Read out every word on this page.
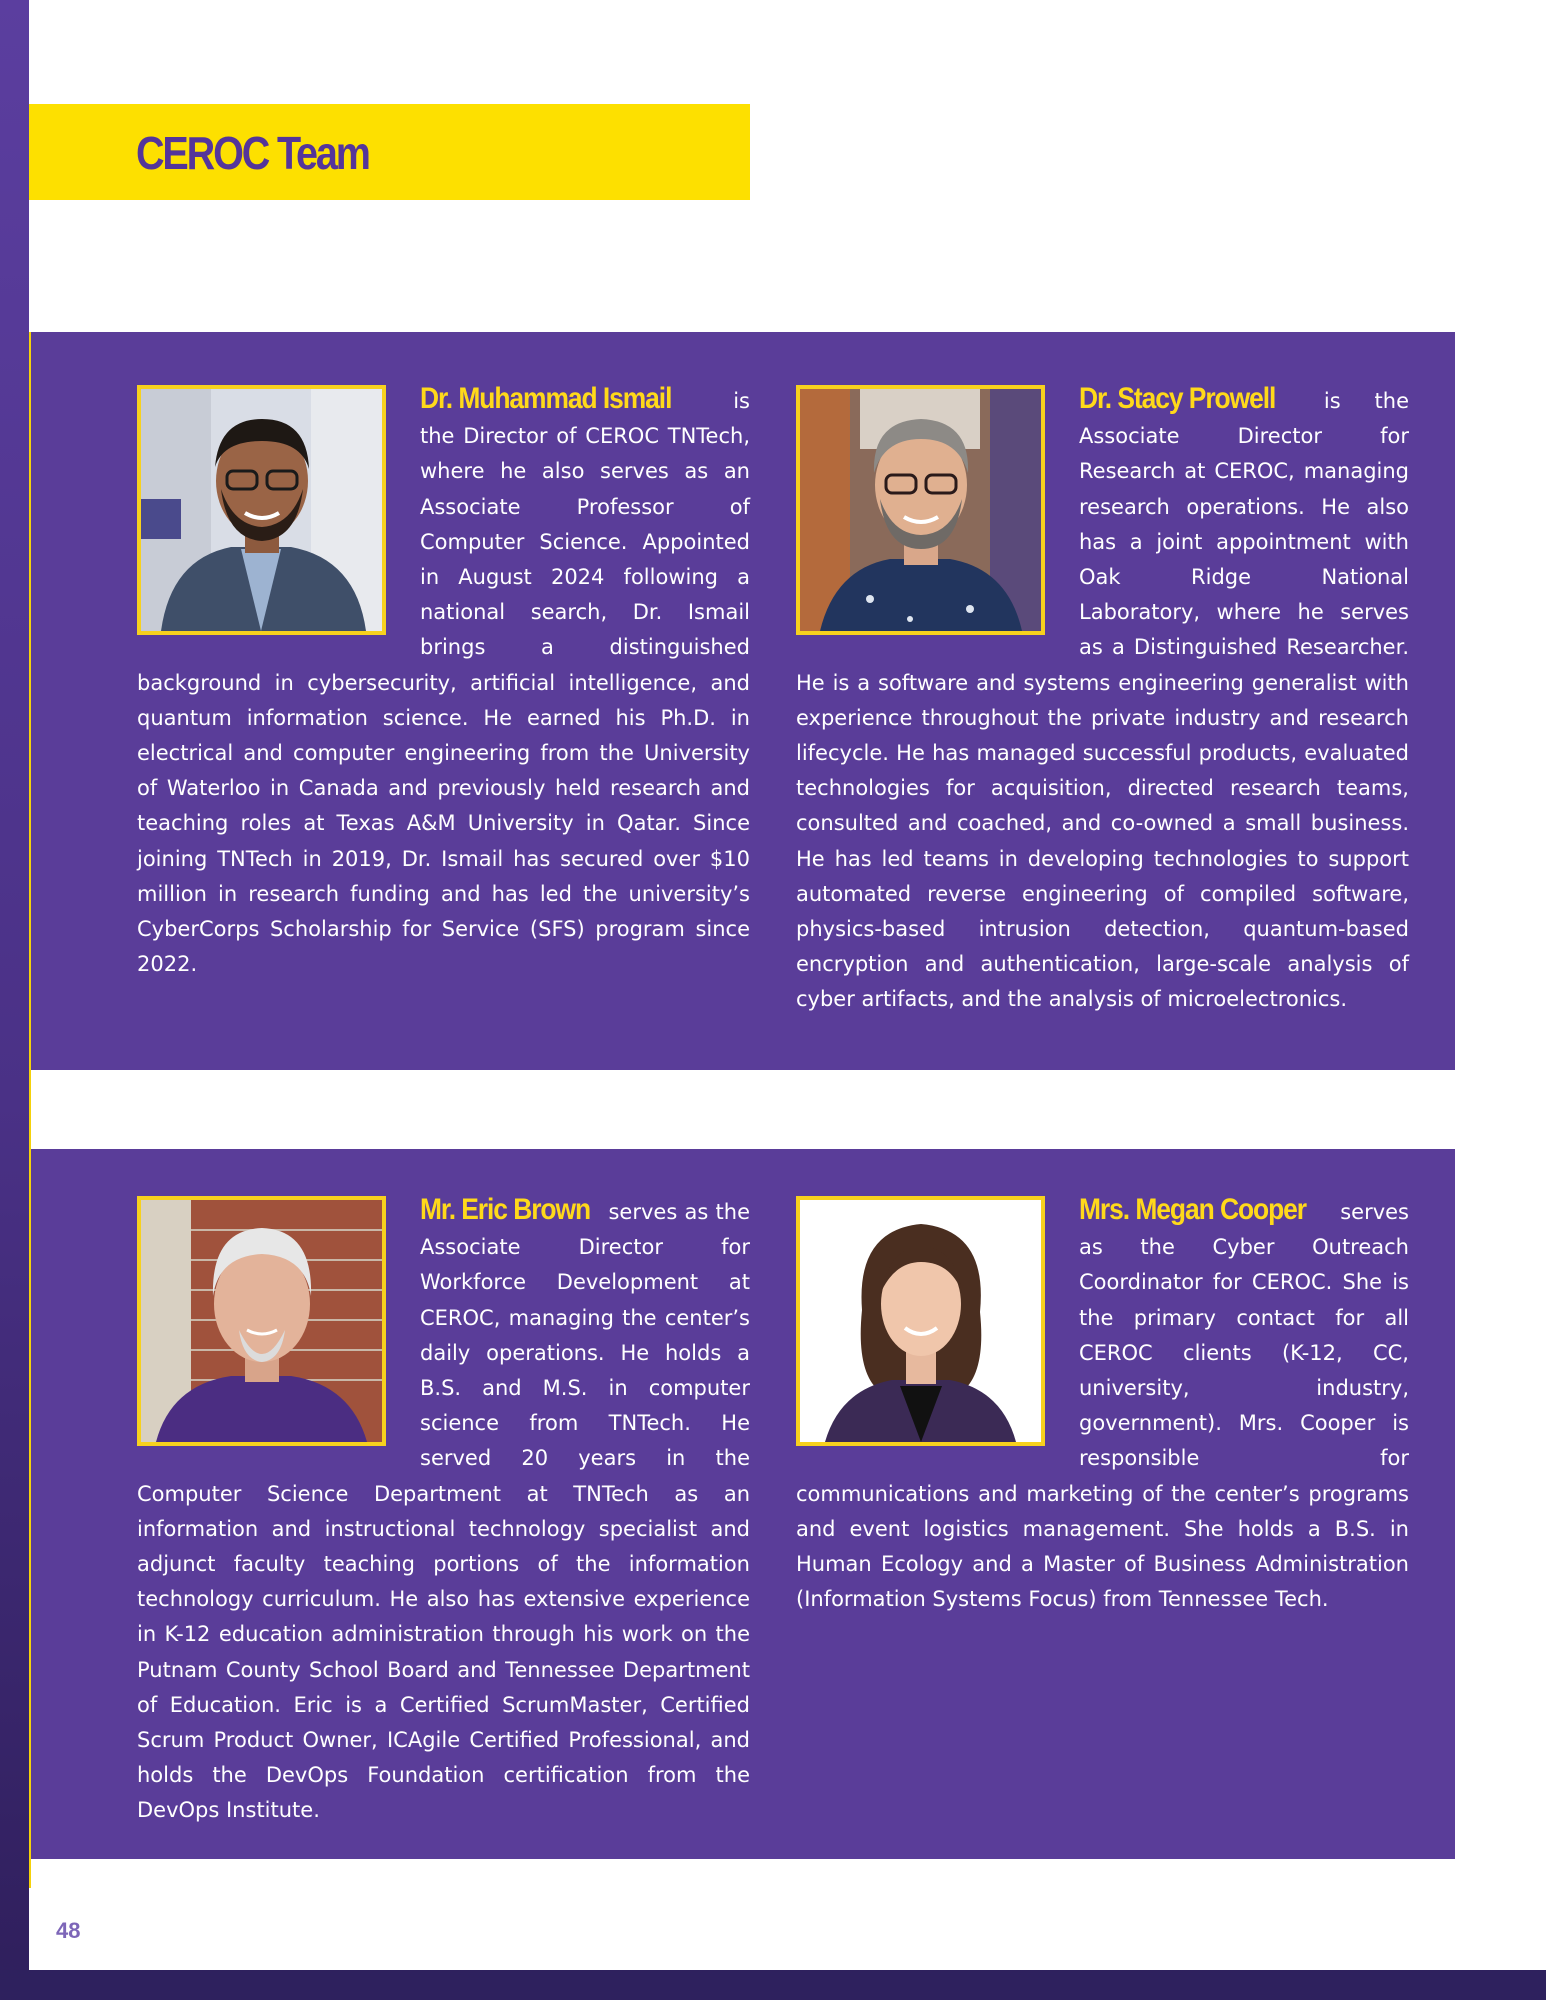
CEROC Team
Dr. Muhammad Ismail is the Director of CEROC TNTech, where he also serves as an Associate Professor of Computer Science. Appointed in August 2024 following a national search, Dr. Ismail brings a distinguished background in cybersecurity, artificial intelligence, and quantum information science. He earned his Ph.D. in electrical and computer engineering from the University of Waterloo in Canada and previously held research and teaching roles at Texas A&M University in Qatar. Since joining TNTech in 2019, Dr. Ismail has secured over $10 million in research funding and has led the university’s CyberCorps Scholarship for Service (SFS) program since 2022.
Dr. Stacy Prowell is the Associate Director for Research at CEROC, managing research operations. He also has a joint appointment with Oak Ridge National Laboratory, where he serves as a Distinguished Researcher. He is a software and systems engineering generalist with experience throughout the private industry and research lifecycle. He has managed successful products, evaluated technologies for acquisition, directed research teams, consulted and coached, and co-owned a small business. He has led teams in developing technologies to support automated reverse engineering of compiled software, physics-based intrusion detection, quantum-based encryption and authentication, large-scale analysis of cyber artifacts, and the analysis of microelectronics.
Mr. Eric Brown serves as the Associate Director for Workforce Development at CEROC, managing the center’s daily operations. He holds a B.S. and M.S. in computer science from TNTech. He served 20 years in the Computer Science Department at TNTech as an information and instructional technology specialist and adjunct faculty teaching portions of the information technology curriculum. He also has extensive experience in K-12 education administration through his work on the Putnam County School Board and Tennessee Department of Education. Eric is a Certified ScrumMaster, Certified Scrum Product Owner, ICAgile Certified Professional, and holds the DevOps Foundation certification from the DevOps Institute.
Mrs. Megan Cooper serves as the Cyber Outreach Coordinator for CEROC. She is the primary contact for all CEROC clients (K-12, CC, university, industry, government). Mrs. Cooper is responsible for communications and marketing of the center’s programs and event logistics management. She holds a B.S. in Human Ecology and a Master of Business Administration (Information Systems Focus) from Tennessee Tech.
48
